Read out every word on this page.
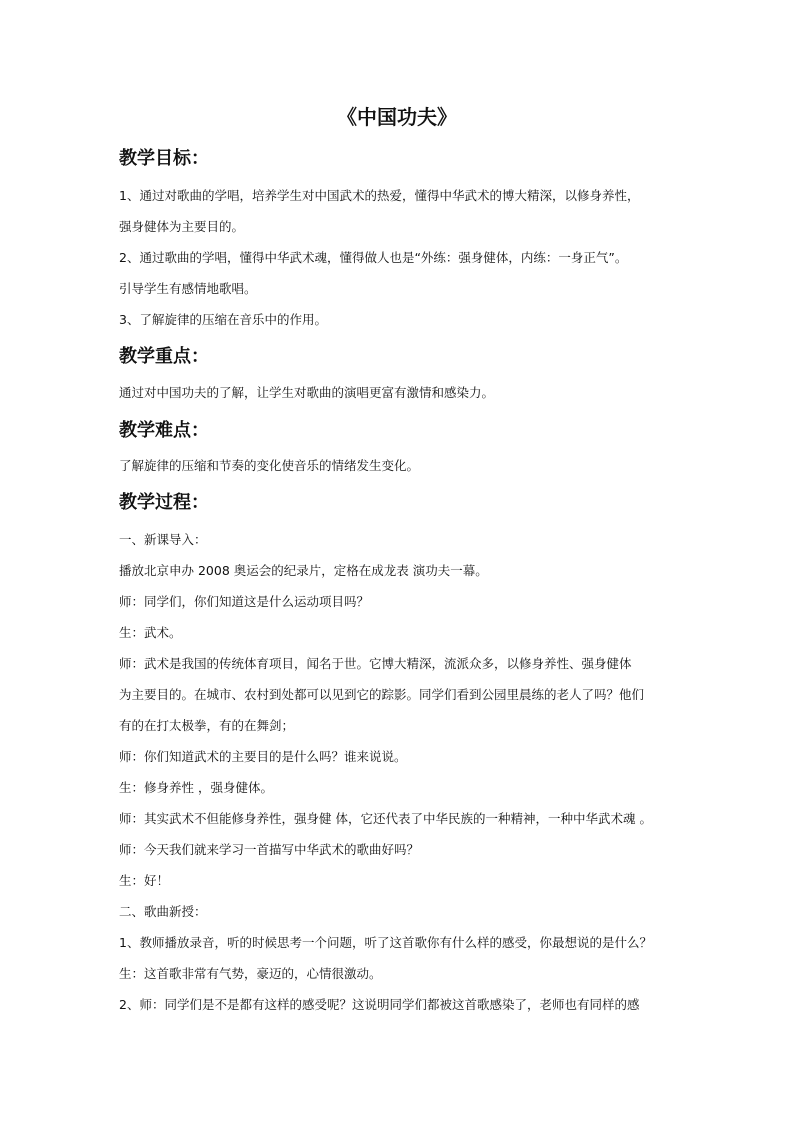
《中国功夫》
教学目标：
1、通过对歌曲的学唱，培养学生对中国武术的热爱，懂得中华武术的博大精深，以修身养性，
强身健体为主要目的。
2、通过歌曲的学唱，懂得中华武术魂，懂得做人也是“外练：强身健体，内练：一身正气”。
引导学生有感情地歌唱。
3、了解旋律的压缩在音乐中的作用。
教学重点：
通过对中国功夫的了解，让学生对歌曲的演唱更富有激情和感染力。
教学难点：
了解旋律的压缩和节奏的变化使音乐的情绪发生变化。
教学过程：
一、新课导入：
播放北京申办 2008 奥运会的纪录片，定格在成龙表 演功夫一幕。
师：同学们，你们知道这是什么运动项目吗？
生：武术。
师：武术是我国的传统体育项目，闻名于世。它博大精深，流派众多，以修身养性、强身健体
为主要目的。在城市、农村到处都可以见到它的踪影。同学们看到公园里晨练的老人了吗？他们
有的在打太极拳，有的在舞剑；
师：你们知道武术的主要目的是什么吗？谁来说说。
生：修身养性 ，强身健体。
师：其实武术不但能修身养性，强身健 体，它还代表了中华民族的一种精神，一种中华武术魂 。
师：今天我们就来学习一首描写中华武术的歌曲好吗？
生：好！
二、歌曲新授：
1、教师播放录音，听的时候思考一个问题，听了这首歌你有什么样的感受，你最想说的是什么？
生：这首歌非常有气势，豪迈的，心情很激动。
2、师：同学们是不是都有这样的感受呢？这说明同学们都被这首歌感染了，老师也有同样的感
